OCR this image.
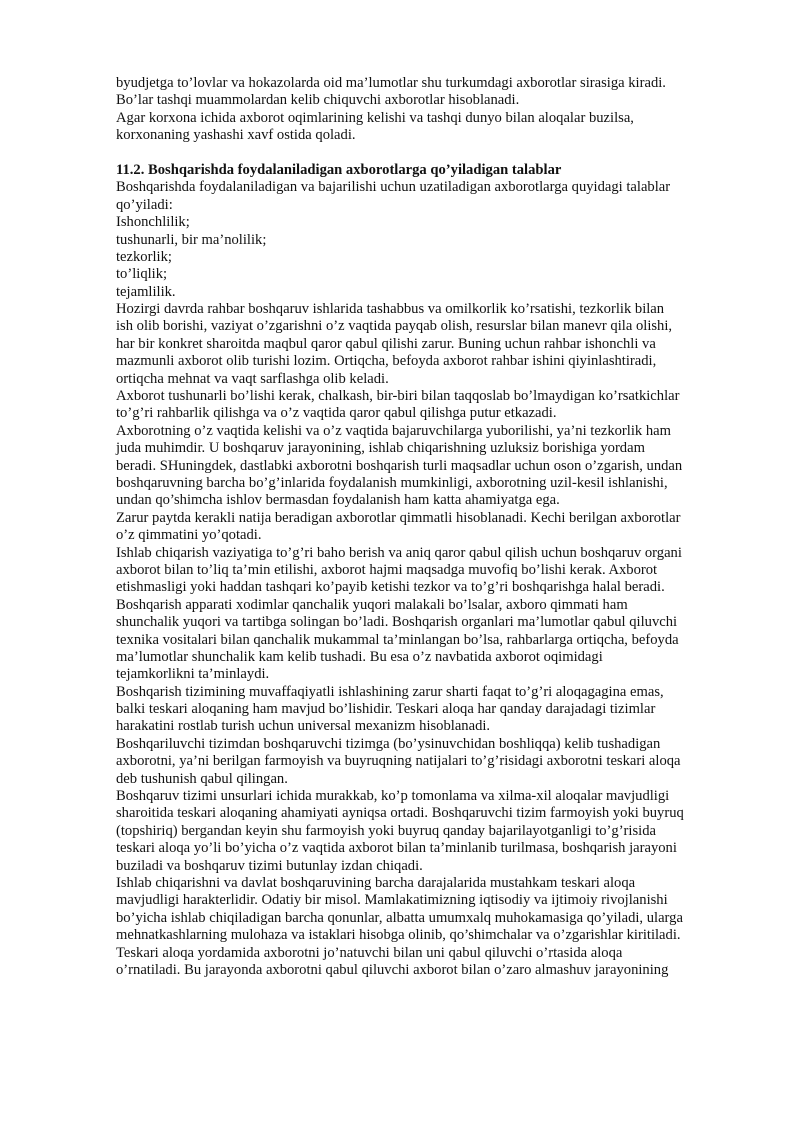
byudjetga to’lovlar va hokazolarda oid ma’lumotlar shu turkumdagi axborotlar sirasiga kiradi.
Bo’lar tashqi muammolardan kelib chiquvchi axborotlar hisoblanadi.
Agar korxona ichida axborot oqimlarining kelishi va tashqi dunyo bilan aloqalar buzilsa,
korxonaning yashashi xavf ostida qoladi.
11.2. Boshqarishda foydalaniladigan axborotlarga qo’yiladigan talablar
Boshqarishda foydalaniladigan va bajarilishi uchun uzatiladigan axborotlarga quyidagi talablar
qo’yiladi:
Ishonchlilik;
tushunarli, bir ma’nolilik;
tezkorlik;
to’liqlik;
tejamlilik.
Hozirgi davrda rahbar boshqaruv ishlarida tashabbus va omilkorlik ko’rsatishi, tezkorlik bilan
ish olib borishi, vaziyat o’zgarishni o’z vaqtida payqab olish, resurslar bilan manevr qila olishi,
har bir konkret sharoitda maqbul qaror qabul qilishi zarur. Buning uchun rahbar ishonchli va
mazmunli axborot olib turishi lozim. Ortiqcha, befoyda axborot rahbar ishini qiyinlashtiradi,
ortiqcha mehnat va vaqt sarflashga olib keladi.
Axborot tushunarli bo’lishi kerak, chalkash, bir-biri bilan taqqoslab bo’lmaydigan ko’rsatkichlar
to’g’ri rahbarlik qilishga va o’z vaqtida qaror qabul qilishga putur etkazadi.
Axborotning o’z vaqtida kelishi va o’z vaqtida bajaruvchilarga yuborilishi, ya’ni tezkorlik ham
juda muhimdir. U boshqaruv jarayonining, ishlab chiqarishning uzluksiz borishiga yordam
beradi. SHuningdek, dastlabki axborotni boshqarish turli maqsadlar uchun oson o’zgarish, undan
boshqaruvning barcha bo’g’inlarida foydalanish mumkinligi, axborotning uzil-kesil ishlanishi,
undan qo’shimcha ishlov bermasdan foydalanish ham katta ahamiyatga ega.
Zarur paytda kerakli natija beradigan axborotlar qimmatli hisoblanadi. Kechi berilgan axborotlar
o’z qimmatini yo’qotadi.
Ishlab chiqarish vaziyatiga to’g’ri baho berish va aniq qaror qabul qilish uchun boshqaruv organi
axborot bilan to’liq ta’min etilishi, axborot hajmi maqsadga muvofiq bo’lishi kerak. Axborot
etishmasligi yoki haddan tashqari ko’payib ketishi tezkor va to’g’ri boshqarishga halal beradi.
Boshqarish apparati xodimlar qanchalik yuqori malakali bo’lsalar, axboro qimmati ham
shunchalik yuqori va tartibga solingan bo’ladi. Boshqarish organlari ma’lumotlar qabul qiluvchi
texnika vositalari bilan qanchalik mukammal ta’minlangan bo’lsa, rahbarlarga ortiqcha, befoyda
ma’lumotlar shunchalik kam kelib tushadi. Bu esa o’z navbatida axborot oqimidagi
tejamkorlikni ta’minlaydi.
Boshqarish tizimining muvaffaqiyatli ishlashining zarur sharti faqat to’g’ri aloqagagina emas,
balki teskari aloqaning ham mavjud bo’lishidir. Teskari aloqa har qanday darajadagi tizimlar
harakatini rostlab turish uchun universal mexanizm hisoblanadi.
Boshqariluvchi tizimdan boshqaruvchi tizimga (bo’ysinuvchidan boshliqqa) kelib tushadigan
axborotni, ya’ni berilgan farmoyish va buyruqning natijalari to’g’risidagi axborotni teskari aloqa
deb tushunish qabul qilingan.
Boshqaruv tizimi unsurlari ichida murakkab, ko’p tomonlama va xilma-xil aloqalar mavjudligi
sharoitida teskari aloqaning ahamiyati ayniqsa ortadi. Boshqaruvchi tizim farmoyish yoki buyruq
(topshiriq) bergandan keyin shu farmoyish yoki buyruq qanday bajarilayotganligi to’g’risida
teskari aloqa yo’li bo’yicha o’z vaqtida axborot bilan ta’minlanib turilmasa, boshqarish jarayoni
buziladi va boshqaruv tizimi butunlay izdan chiqadi.
Ishlab chiqarishni va davlat boshqaruvining barcha darajalarida mustahkam teskari aloqa
mavjudligi harakterlidir. Odatiy bir misol. Mamlakatimizning iqtisodiy va ijtimoiy rivojlanishi
bo’yicha ishlab chiqiladigan barcha qonunlar, albatta umumxalq muhokamasiga qo’yiladi, ularga
mehnatkashlarning mulohaza va istaklari hisobga olinib, qo’shimchalar va o’zgarishlar kiritiladi.
Teskari aloqa yordamida axborotni jo’natuvchi bilan uni qabul qiluvchi o’rtasida aloqa
o’rnatiladi. Bu jarayonda axborotni qabul qiluvchi axborot bilan o’zaro almashuv jarayonining
